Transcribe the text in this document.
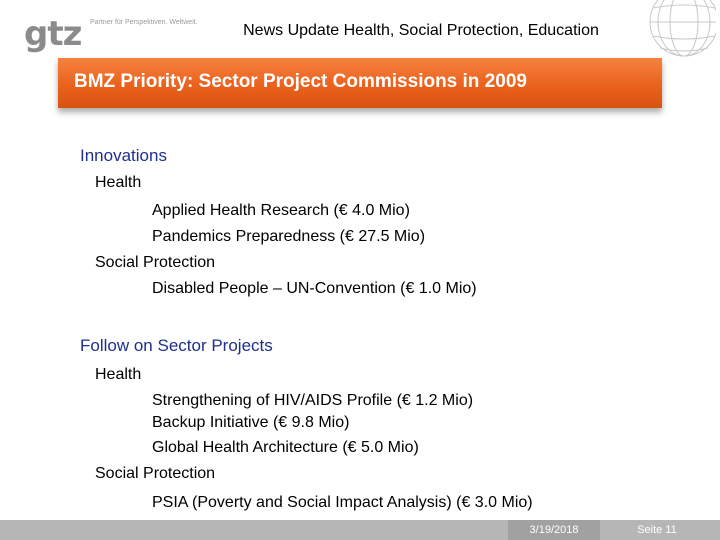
gtz Partner für Perspektiven. Weltweit.	News Update Health, Social Protection, Education
BMZ Priority: Sector Project Commissions in 2009
Innovations
Health
Applied Health Research (€ 4.0 Mio)
Pandemics Preparedness (€ 27.5 Mio)
Social Protection
Disabled People – UN-Convention (€ 1.0 Mio)
Follow on Sector Projects
Health
Strengthening of HIV/AIDS Profile (€ 1.2 Mio)
Backup Initiative (€ 9.8 Mio)
Global Health Architecture (€ 5.0 Mio)
Social Protection
PSIA (Poverty and Social Impact Analysis) (€ 3.0 Mio)
3/19/2018	Seite 11
